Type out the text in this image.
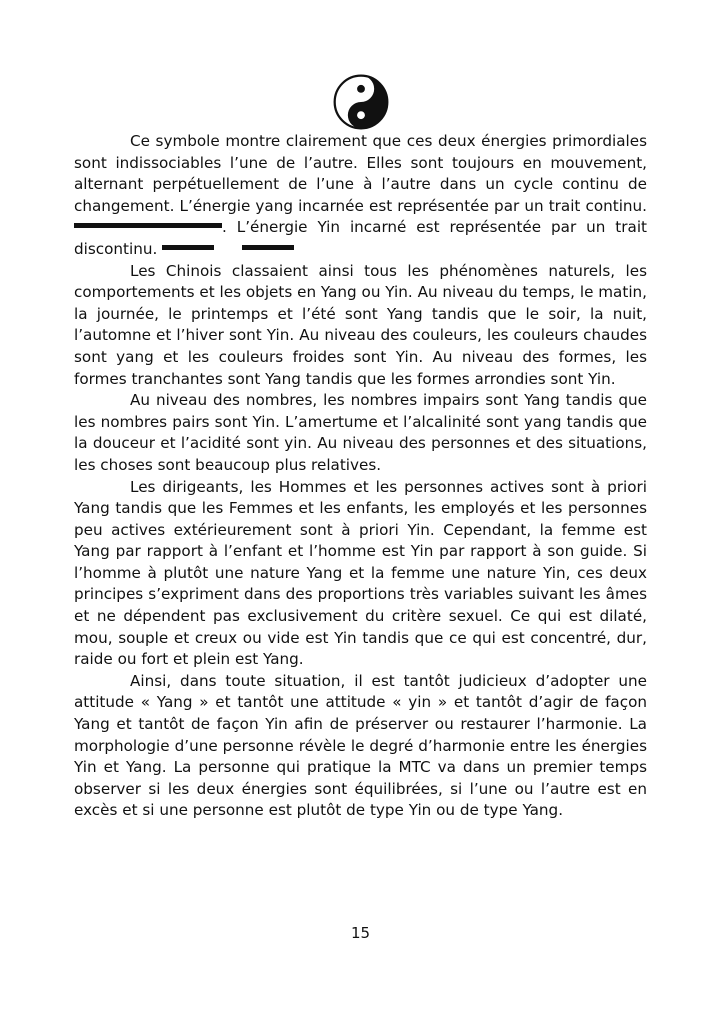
Ce symbole montre clairement que ces deux énergies primordiales sont indissociables l’une de l’autre. Elles sont toujours en mouvement, alternant perpétuellement de l’une à l’autre dans un cycle continu de changement. L’énergie yang incarnée est représentée par un trait continu. . L’énergie Yin incarné est représentée par un trait discontinu.

Les Chinois classaient ainsi tous les phénomènes naturels, les comportements et les objets en Yang ou Yin. Au niveau du temps, le matin, la journée, le printemps et l’été sont Yang tandis que le soir, la nuit, l’automne et l’hiver sont Yin. Au niveau des couleurs, les couleurs chaudes sont yang et les couleurs froides sont Yin. Au niveau des formes, les formes tranchantes sont Yang tandis que les formes arrondies sont Yin.

Au niveau des nombres, les nombres impairs sont Yang tandis que les nombres pairs sont Yin. L’amertume et l’alcalinité sont yang tandis que la douceur et l’acidité sont yin. Au niveau des personnes et des situations, les choses sont beaucoup plus relatives.

Les dirigeants, les Hommes et les personnes actives sont à priori Yang tandis que les Femmes et les enfants, les employés et les personnes peu actives extérieurement sont à priori Yin. Cependant, la femme est Yang par rapport à l’enfant et l’homme est Yin par rapport à son guide. Si l’homme à plutôt une nature Yang et la femme une nature Yin, ces deux principes s’expriment dans des proportions très variables suivant les âmes et ne dépendent pas exclusivement du critère sexuel. Ce qui est dilaté, mou, souple et creux ou vide est Yin tandis que ce qui est concentré, dur, raide ou fort et plein est Yang.

Ainsi, dans toute situation, il est tantôt judicieux d’adopter une attitude « Yang » et tantôt une attitude « yin » et tantôt d’agir de façon Yang et tantôt de façon Yin afin de préserver ou restaurer l’harmonie. La morphologie d’une personne révèle le degré d’harmonie entre les énergies Yin et Yang. La personne qui pratique la MTC va dans un premier temps observer si les deux énergies sont équilibrées, si l’une ou l’autre est en excès et si une personne est plutôt de type Yin ou de type Yang.

15
